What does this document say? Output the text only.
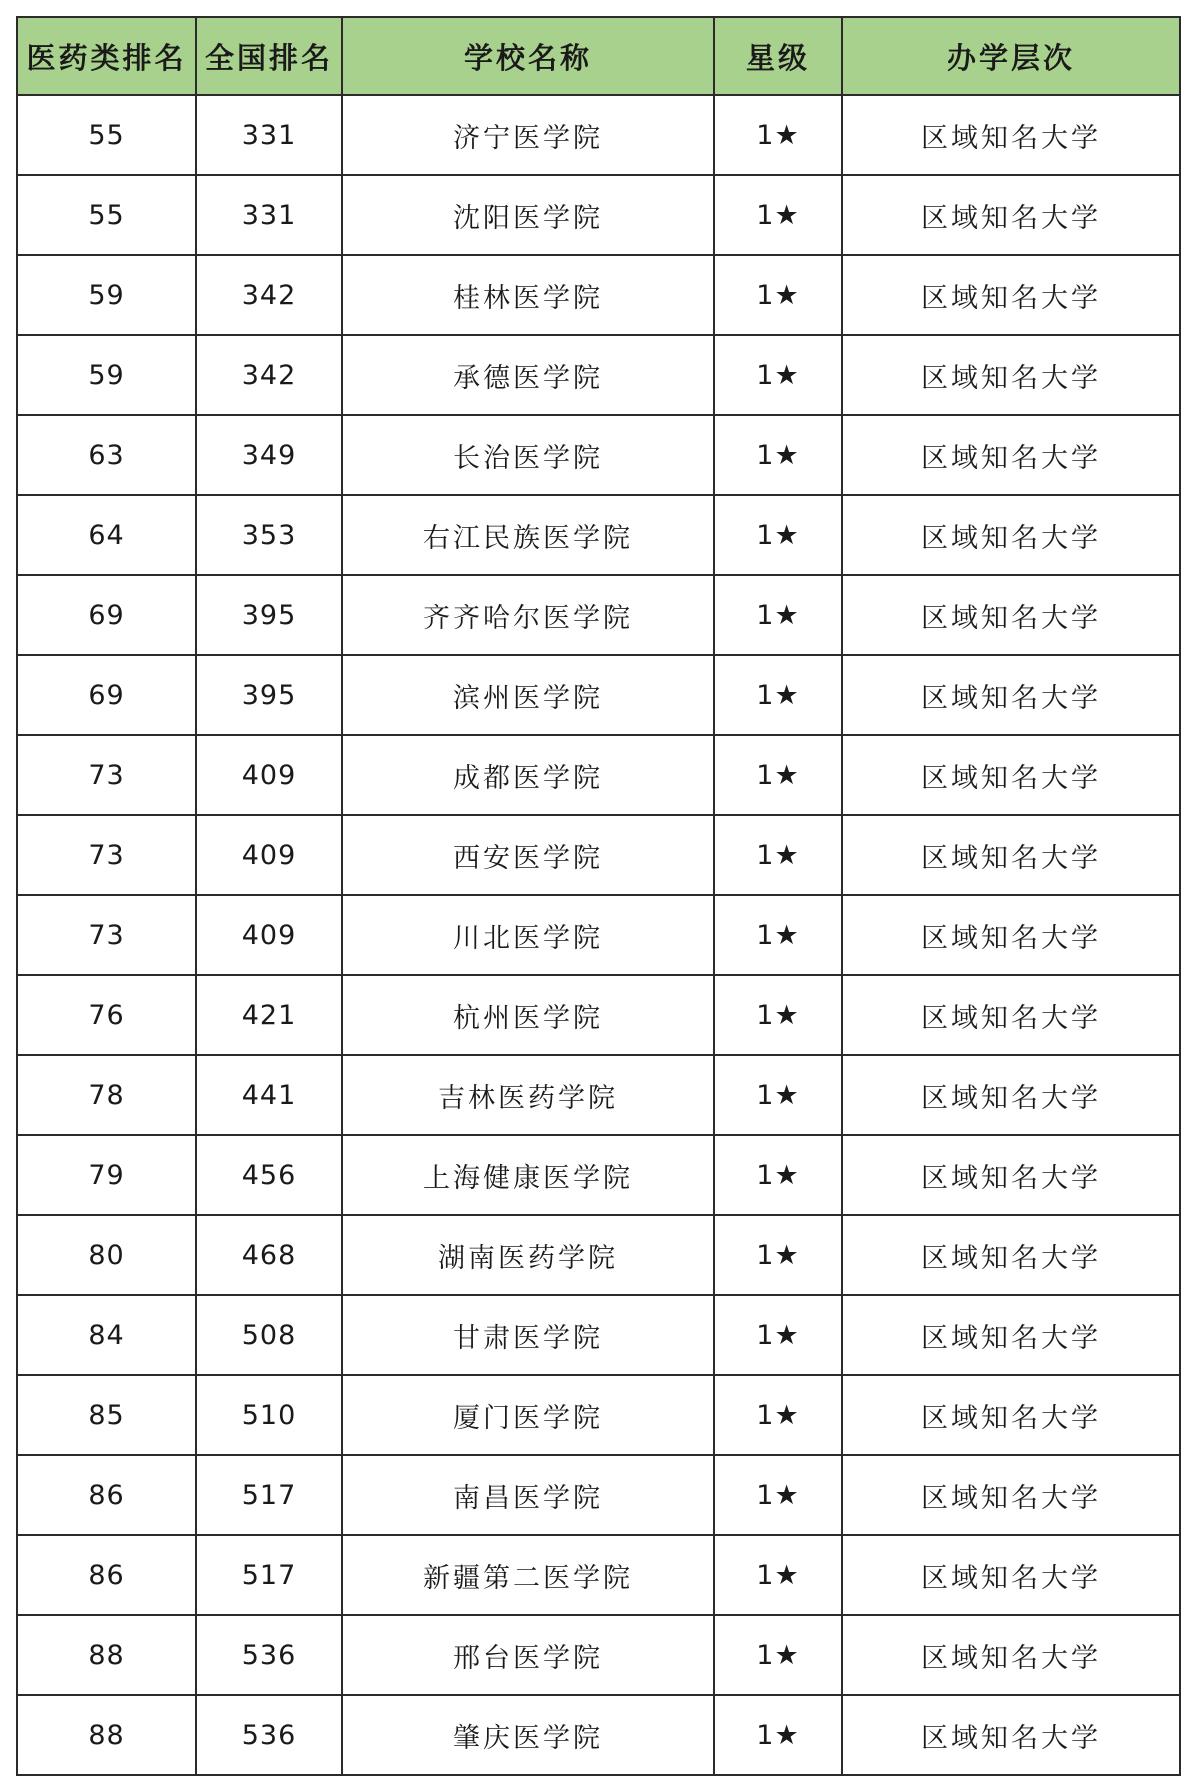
医药类排名	全国排名	学校名称	星级	办学层次
55	331	济宁医学院	1★	区域知名大学
55	331	沈阳医学院	1★	区域知名大学
59	342	桂林医学院	1★	区域知名大学
59	342	承德医学院	1★	区域知名大学
63	349	长治医学院	1★	区域知名大学
64	353	右江民族医学院	1★	区域知名大学
69	395	齐齐哈尔医学院	1★	区域知名大学
69	395	滨州医学院	1★	区域知名大学
73	409	成都医学院	1★	区域知名大学
73	409	西安医学院	1★	区域知名大学
73	409	川北医学院	1★	区域知名大学
76	421	杭州医学院	1★	区域知名大学
78	441	吉林医药学院	1★	区域知名大学
79	456	上海健康医学院	1★	区域知名大学
80	468	湖南医药学院	1★	区域知名大学
84	508	甘肃医学院	1★	区域知名大学
85	510	厦门医学院	1★	区域知名大学
86	517	南昌医学院	1★	区域知名大学
86	517	新疆第二医学院	1★	区域知名大学
88	536	邢台医学院	1★	区域知名大学
88	536	肇庆医学院	1★	区域知名大学
